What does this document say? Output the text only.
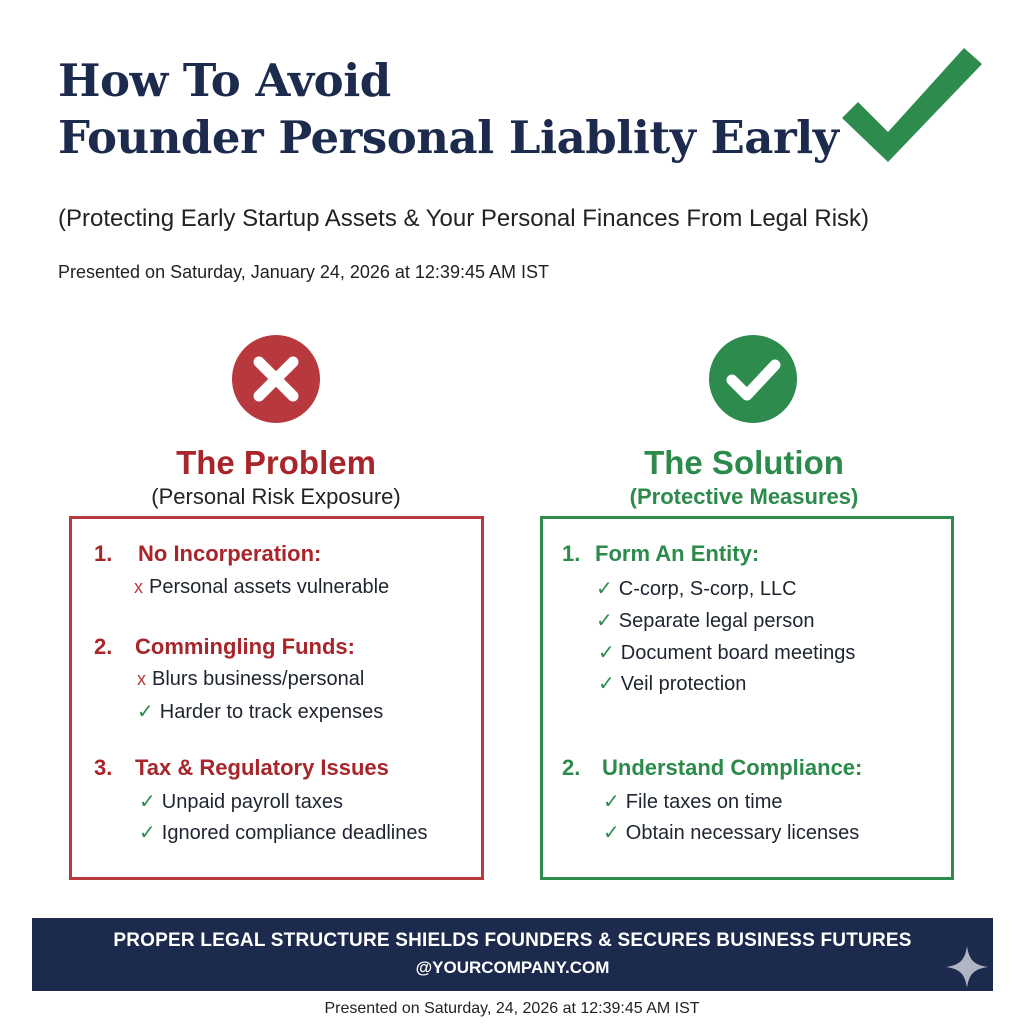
How To Avoid
Founder Personal Liablity Early
(Protecting Early Startup Assets & Your Personal Finances From Legal Risk)
Presented on Saturday, January 24, 2026 at 12:39:45 AM IST
The Problem
(Personal Risk Exposure)
The Solution
(Protective Measures)
1. No Incorperation:
x Personal assets vulnerable
2. Commingling Funds:
x Blurs business/personal
✓ Harder to track expenses
3. Tax & Regulatory Issues
✓ Unpaid payroll taxes
✓ Ignored compliance deadlines
1. Form An Entity:
✓ C-corp, S-corp, LLC
✓ Separate legal person
✓ Document board meetings
✓ Veil protection
2. Understand Compliance:
✓ File taxes on time
✓ Obtain necessary licenses
PROPER LEGAL STRUCTURE SHIELDS FOUNDERS & SECURES BUSINESS FUTURES
@YOURCOMPANY.COM
Presented on Saturday, 24, 2026 at 12:39:45 AM IST
